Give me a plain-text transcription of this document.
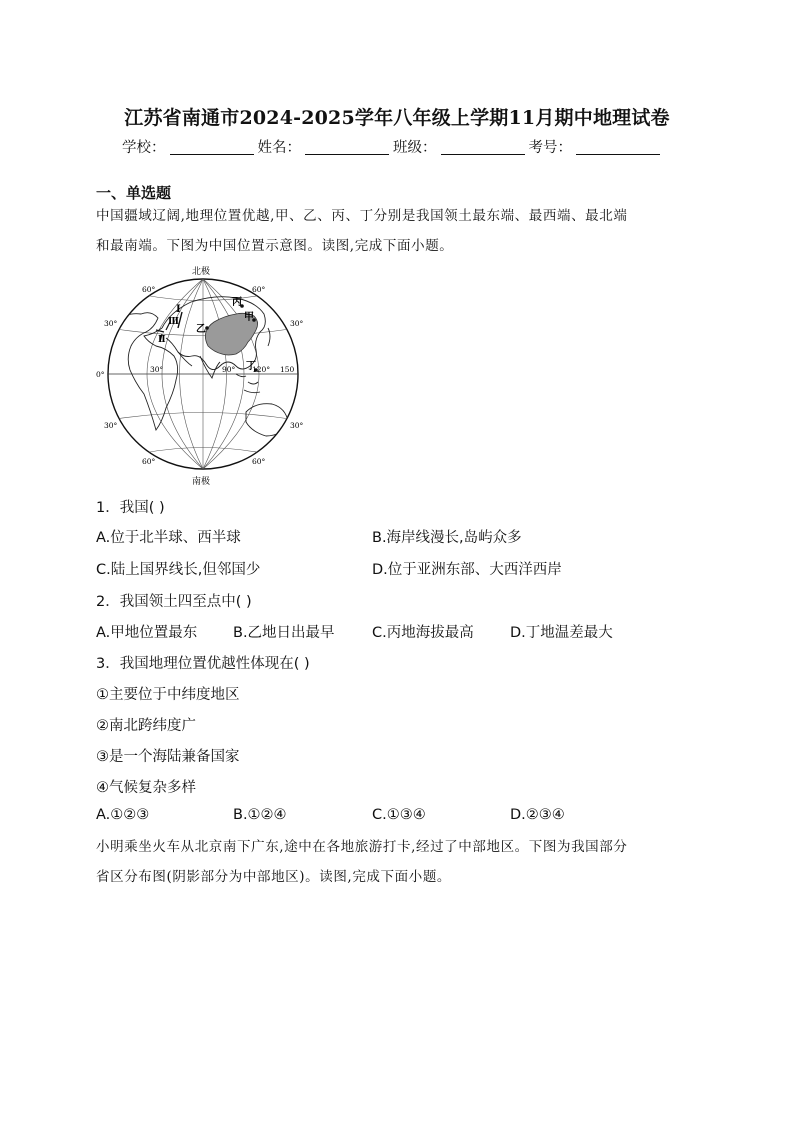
江苏省南通市2024-2025学年八年级上学期11月期中地理试卷
学校：	姓名：	班级：	考号：
一、单选题
中国疆域辽阔,地理位置优越,甲、乙、丙、丁分别是我国领土最东端、最西端、最北端
和最南端。下图为中国位置示意图。读图,完成下面小题。
北极
南极
Ⅰ
Ⅲ
Ⅱ
丙
甲
乙
丁
60°	60°
30°	30°
0°
30°	30°
60°	60°
30°	90° 120° 150
1．我国( )
A.位于北半球、西半球	B.海岸线漫长,岛屿众多
C.陆上国界线长,但邻国少	D.位于亚洲东部、大西洋西岸
2．我国领土四至点中( )
A.甲地位置最东 B.乙地日出最早	C.丙地海拔最高	D.丁地温差最大
3．我国地理位置优越性体现在( )
①主要位于中纬度地区
②南北跨纬度广
③是一个海陆兼备国家
④气候复杂多样
A.①②③	B.①②④	C.①③④	D.②③④
小明乘坐火车从北京南下广东,途中在各地旅游打卡,经过了中部地区。下图为我国部分
省区分布图(阴影部分为中部地区)。读图,完成下面小题。
